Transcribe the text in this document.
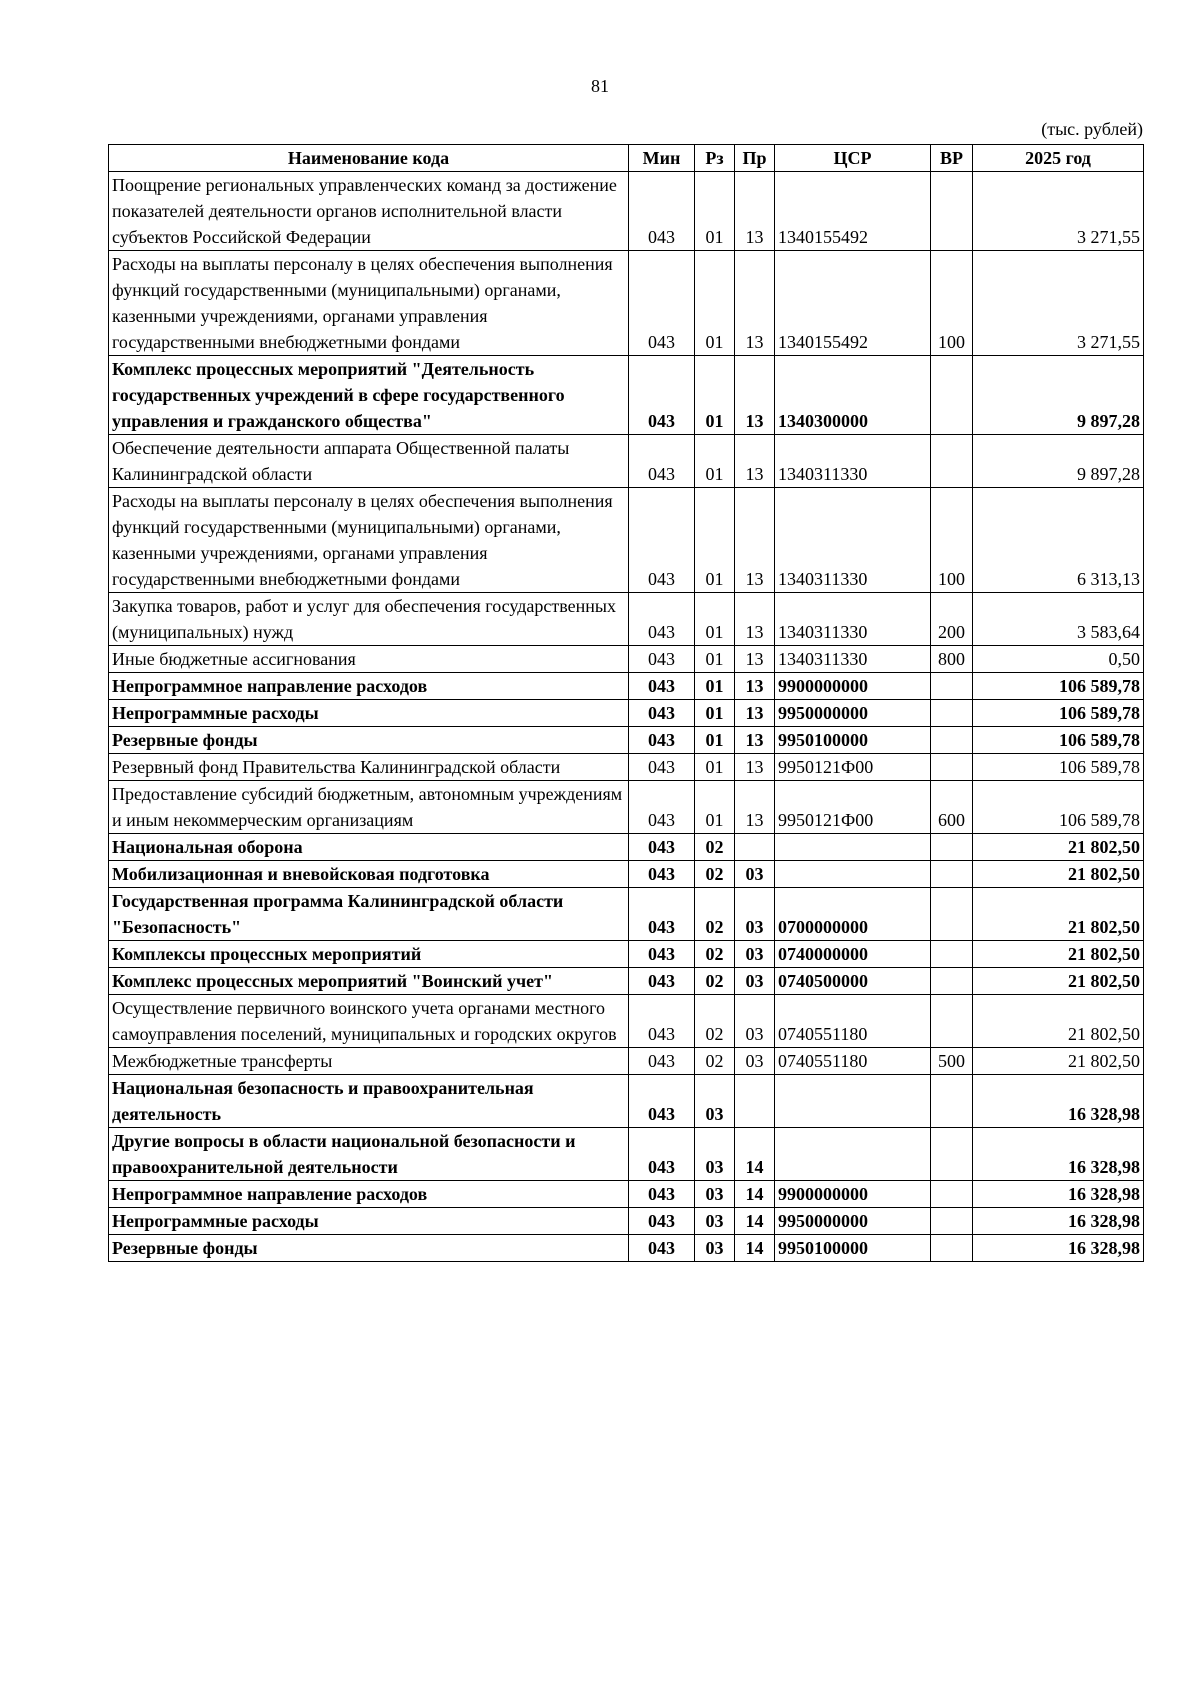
81
(тыс. рублей)
Наименование кода	Мин	Рз	Пр	ЦСР	ВР	2025 год
Поощрение региональных управленческих команд за достижение показателей деятельности органов исполнительной власти субъектов Российской Федерации	043	01	13	1340155492		3 271,55
Расходы на выплаты персоналу в целях обеспечения выполнения функций государственными (муниципальными) органами, казенными учреждениями, органами управления государственными внебюджетными фондами	043	01	13	1340155492	100	3 271,55
Комплекс процессных мероприятий "Деятельность государственных учреждений в сфере государственного управления и гражданского общества"	043	01	13	1340300000		9 897,28
Обеспечение деятельности аппарата Общественной палаты Калининградской области	043	01	13	1340311330		9 897,28
Расходы на выплаты персоналу в целях обеспечения выполнения функций государственными (муниципальными) органами, казенными учреждениями, органами управления государственными внебюджетными фондами	043	01	13	1340311330	100	6 313,13
Закупка товаров, работ и услуг для обеспечения государственных (муниципальных) нужд	043	01	13	1340311330	200	3 583,64
Иные бюджетные ассигнования	043	01	13	1340311330	800	0,50
Непрограммное направление расходов	043	01	13	9900000000		106 589,78
Непрограммные расходы	043	01	13	9950000000		106 589,78
Резервные фонды	043	01	13	9950100000		106 589,78
Резервный фонд Правительства Калининградской области	043	01	13	9950121Ф00		106 589,78
Предоставление субсидий бюджетным, автономным учреждениям и иным некоммерческим организациям	043	01	13	9950121Ф00	600	106 589,78
Национальная оборона	043	02				21 802,50
Мобилизационная и вневойсковая подготовка	043	02	03			21 802,50
Государственная программа Калининградской области "Безопасность"	043	02	03	0700000000		21 802,50
Комплексы процессных мероприятий	043	02	03	0740000000		21 802,50
Комплекс процессных мероприятий "Воинский учет"	043	02	03	0740500000		21 802,50
Осуществление первичного воинского учета органами местного самоуправления поселений, муниципальных и городских округов	043	02	03	0740551180		21 802,50
Межбюджетные трансферты	043	02	03	0740551180	500	21 802,50
Национальная безопасность и правоохранительная деятельность	043	03				16 328,98
Другие вопросы в области национальной безопасности и правоохранительной деятельности	043	03	14			16 328,98
Непрограммное направление расходов	043	03	14	9900000000		16 328,98
Непрограммные расходы	043	03	14	9950000000		16 328,98
Резервные фонды	043	03	14	9950100000		16 328,98
